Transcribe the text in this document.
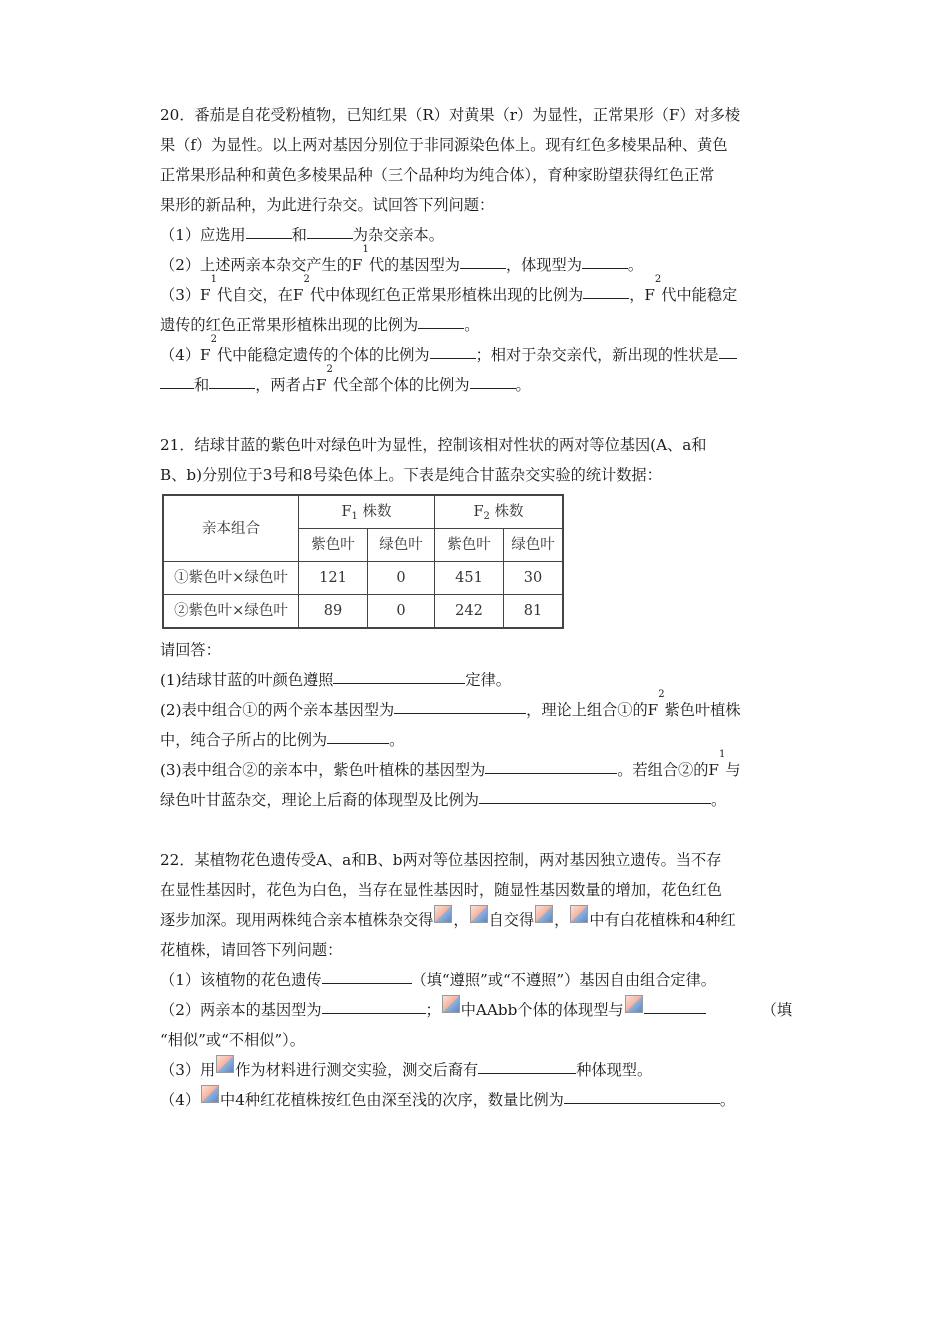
20．番茄是自花受粉植物，已知红果（R）对黄果（r）为显性，正常果形（F）对多棱
果（f）为显性。以上两对基因分别位于非同源染色体上。现有红色多棱果品种、黄色
正常果形品种和黄色多棱果品种（三个品种均为纯合体），育种家盼望获得红色正常
果形的新品种，为此进行杂交。试回答下列问题：
（1）应选用	和	为杂交亲本。
（2）上述两亲本杂交产生的F
1
代的基因型为	，体现型为	。
（3）F
1
代自交，在F
2
代中体现红色正常果形植株出现的比例为	，F
2
代中能稳定
遗传的红色正常果形植株出现的比例为	。
（4）F
2
代中能稳定遗传的个体的比例为	；相对于杂交亲代，新出现的性状是
和	，两者占F
2
代全部个体的比例为	。
21．结球甘蓝的紫色叶对绿色叶为显性，控制该相对性状的两对等位基因(A、a和
B、b)分别位于3号和8号染色体上。下表是纯合甘蓝杂交实验的统计数据：
亲本组合	$F_1$ 株数		$F_2$ 株数	
	紫色叶	绿色叶	紫色叶	绿色叶
①紫色叶×绿色叶	121	0	451	30
②紫色叶×绿色叶	89	0	242	81
请回答：
(1)结球甘蓝的叶颜色遵照	定律。
(2)表中组合①的两个亲本基因型为	，理论上组合①的F
2
紫色叶植株
中，纯合子所占的比例为	。
(3)表中组合②的亲本中，紫色叶植株的基因型为	。若组合②的F
1
与
绿色叶甘蓝杂交，理论上后裔的体现型及比例为	。
22．某植物花色遗传受A、a和B、b两对等位基因控制，两对基因独立遗传。当不存
在显性基因时，花色为白色，当存在显性基因时，随显性基因数量的增加，花色红色
逐步加深。现用两株纯合亲本植株杂交得 ， 自交得 ， 中有白花植株和4种红
花植株，请回答下列问题：
（1）该植物的花色遗传	（填“遵照”或“不遵照”）基因自由组合定律。
（2）两亲本的基因型为	； 中AAbb个体的体现型与	（填
“相似”或“不相似”）。
（3）用 作为材料进行测交实验，测交后裔有	种体现型。
（4） 中4种红花植株按红色由深至浅的次序，数量比例为	。
